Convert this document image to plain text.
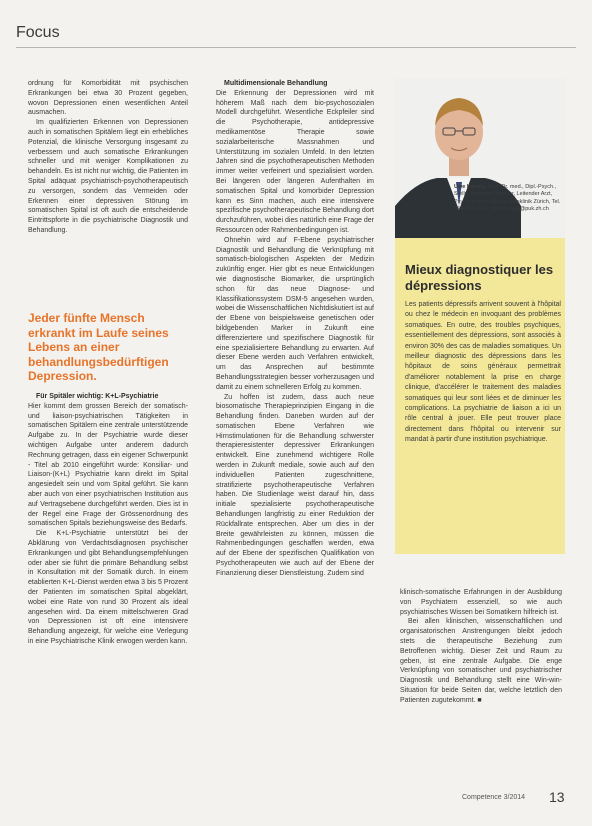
Focus

ordnung für Komorbidität mit psychischen Erkrankungen bei etwa 30 Prozent gegeben, wovon Depressionen einen wesentlichen Anteil ausmachen.

Im qualifizierten Erkennen von Depressionen auch in somatischen Spitälern liegt ein erhebliches Potenzial, die klinische Versorgung insgesamt zu verbessern und auch somatische Erkrankungen schneller und mit weniger Komplikationen zu behandeln. Es ist nicht nur wichtig, die Patienten im Spital adäquat psychiatrisch-psychotherapeutisch zu versorgen, sondern das Vermeiden oder Erkennen einer depressiven Störung im somatischen Spital ist oft auch die entscheidende Eintrittspforte in die psychiatrische Diagnostik und Behandlung.

Jeder fünfte Mensch erkrankt im Laufe seines Lebens an einer behandlungsbedürftigen Depression.

Für Spitäler wichtig: K+L-Psychiatrie

Hier kommt dem grossen Bereich der somatisch- und liaison-psychiatrischen Tätigkeiten in somatischen Spitälern eine zentrale unterstützende Aufgabe zu. In der Psychiatrie wurde dieser wichtigen Aufgabe unter anderem dadurch Rechnung getragen, dass ein eigener Schwerpunkt - Titel ab 2010 eingeführt wurde: Konsiliar- und Liaison-(K+L) Psychiatrie kann direkt im Spital angesiedelt sein und vom Spital geführt. Sie kann aber auch von einer psychiatrischen Institution aus auf Vertragsebene durchgeführt werden. Dies ist in der Regel eine Frage der Grössenordnung des somatischen Spitals beziehungsweise des Bedarfs.

Die K+L-Psychiatrie unterstützt bei der Abklärung von Verdachtsdiagnosen psychischer Erkrankungen und gibt Behandlungsempfehlungen oder aber sie führt die primäre Behandlung selbst in Konsultation mit der Somatik durch. In einem etablierten K+L-Dienst werden etwa 3 bis 5 Prozent der Patienten im somatischen Spital abgeklärt, wobei eine Rate von rund 30 Prozent als ideal angesehen wird. Da einem mittelschweren Grad von Depressionen ist oft eine intensivere Behandlung angezeigt, für welche eine Verlegung in eine Psychiatrische Klinik erwogen werden kann.

Multidimensionale Behandlung

Die Erkennung der Depressionen wird mit höherem Maß nach dem bio-psychosozialen Modell durchgeführt. Wesentliche Eckpfeiler sind die Psychotherapie, antidepressive medikamentöse Therapie sowie sozialarbeiterische Massnahmen und Unterstützung im sozialen Umfeld. In den letzten Jahren sind die psychotherapeutischen Methoden immer weiter verfeinert und spezialisiert worden. Bei längeren oder längeren Aufenthalten im somatischen Spital und komorbider Depression kann es Sinn machen, auch eine intensivere spezifische psychotherapeutische Behandlung dort durchzuführen, wobei dies natürlich eine Frage der Ressourcen oder Rahmenbedingungen ist.

Ohnehin wird auf F-Ebene psychiatrischer Diagnostik und Behandlung die Verknüpfung mit somatisch-biologischen Aspekten der Medizin zukünftig enger. Hier gibt es neue Entwicklungen wie diagnostische Biomarker, die ursprünglich schon für das neue Diagnose- und Klassifikationssystem DSM-5 angesehen wurden, wobei die Wissenschaftlichen Nichtdiskutiert ist auf der Ebene von beispielsweise genetischen oder bildgebenden Marker in Zukunft eine differenziertere und spezifischere Diagnostik für eine spezialisiertere Behandlung zu erwarten. Auf dieser Ebene werden auch Verfahren entwickelt, um das Ansprechen auf bestimmte Behandlungsstrategien besser vorherzusagen und damit zu einem schnelleren Erfolg zu kommen.

Zu hoffen ist zudem, dass auch neue biosomatische Therapieprinzipien Eingang in die Behandlung finden. Daneben wurden auf der somatischen Ebene Verfahren wie Hirnstimulationen für die Behandlung schwerster therapieresistenter depressiver Erkrankungen entwickelt. Eine zunehmend wichtigere Rolle werden in Zukunft mediale, sowie auch auf den individuellen Patienten zugeschnittene, stratifizierte psychotherapeutische Verfahren haben. Die Studienlage weist darauf hin, dass initiale spezialisierte psychotherapeutische Behandlungen langfristig zu einer Reduktion der Rückfallrate entsprechen. Aber um dies in der Breite gewährleisten zu können, müssen die Rahmenbedingungen geschaffen werden, etwa auf der Ebene der spezifischen Qualifikation von Psychotherapeuten wie auch auf der Ebene der Finanzierung dieser Dienstleistung. Zudem sind

Uwe Herwig, Prof. Dr. med., Dipl.-Psych., Stellv. Ärztlicher Direktor, Leitender Arzt, Psychiatrische Universitätsklinik Zürich, Tel. 044 384 21 11, uwe.herwig@puk.zh.ch
Mieux diagnostiquer les dépressions
Les patients dépressifs arrivent souvent à l'hôpital ou chez le médecin en invoquant des problèmes somatiques. En outre, des troubles psychiques, essentiellement des dépressions, sont associés à environ 30% des cas de maladies somatiques. Un meilleur diagnostic des dépressions dans les hôpitaux de soins généraux permettrait d'améliorer notablement la prise en charge clinique, d'accélérer le traitement des maladies somatiques qui leur sont liées et de diminuer les complications. La psychiatrie de liaison a ici un rôle central à jouer. Elle peut trouver place directement dans l'hôpital ou intervenir sur mandat à partir d'une institution psychiatrique.

klinisch-somatische Erfahrungen in der Ausbildung von Psychiatern essenziell, so wie auch psychiatrisches Wissen bei Somatikern hilfreich ist.

Bei allen klinischen, wissenschaftlichen und organisatorischen Anstrengungen bleibt jedoch stets die therapeutische Beziehung zum Betroffenen wichtig. Dieser Zeit und Raum zu geben, ist eine zentrale Aufgabe. Die enge Verknüpfung von somatischer und psychiatrischer Diagnostik und Behandlung stellt eine Win-win-Situation für beide Seiten dar, welche letztlich den Patienten zugutekommt. ■

Competence 3/2014 13
